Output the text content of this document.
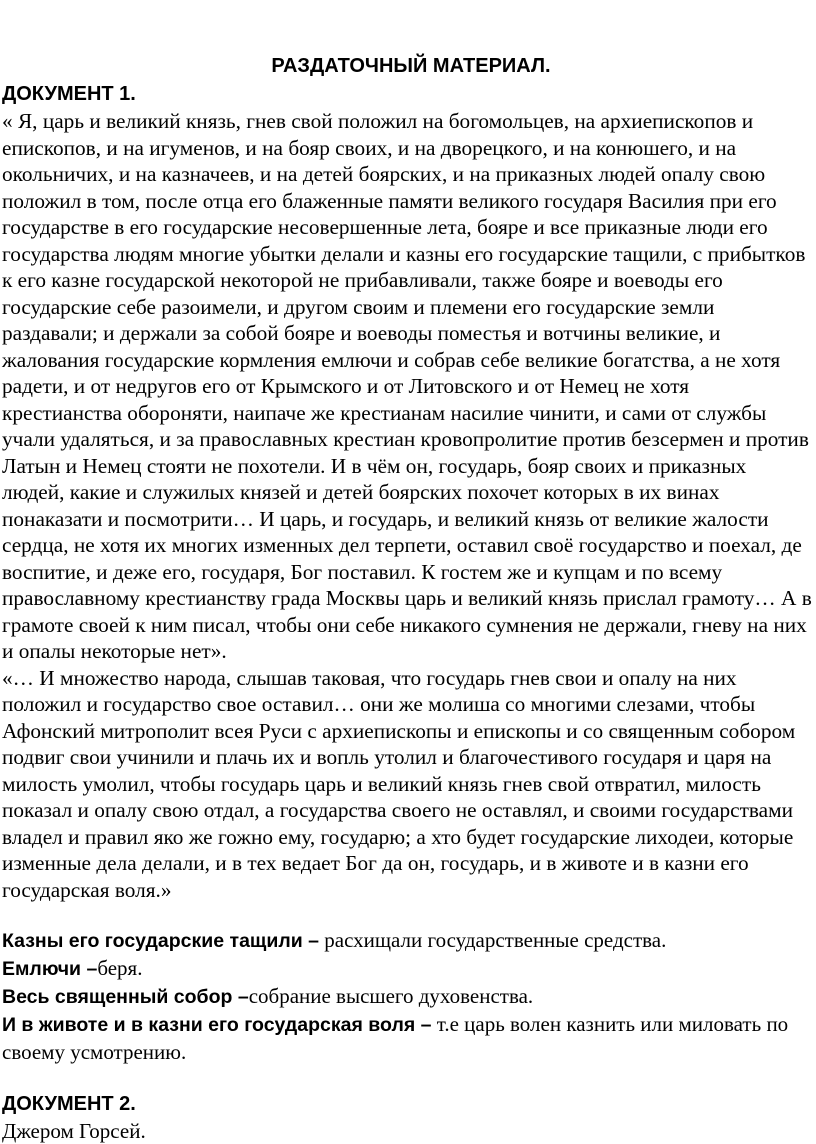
РАЗДАТОЧНЫЙ МАТЕРИАЛ.

ДОКУМЕНТ 1.

« Я, царь и великий князь, гнев свой положил на богомольцев, на архиепископов и епископов, и на игуменов, и на бояр своих, и на дворецкого, и на конюшего, и на окольничих, и на казначеев, и на детей боярских, и на приказных людей опалу свою положил в том, после отца его блаженные памяти великого государя Василия при его государстве в его государские несовершенные лета, бояре и все приказные люди его государства людям многие убытки делали и казны его государские тащили, с прибытков к его казне государской некоторой не прибавливали, также бояре и воеводы его государские себе разоимели, и другом своим и племени его государские земли раздавали; и держали за собой бояре и воеводы поместья и вотчины великие, и жалования государские кормления емлючи и собрав себе великие богатства, а не хотя радети, и от недругов его от Крымского и от Литовского и от Немец не хотя крестианства обороняти, наипаче же крестианам насилие чинити, и сами от службы учали удаляться, и за православных крестиан кровопролитие против безсермен и против Латын и Немец стояти не похотели. И в чём он, государь, бояр своих и приказных людей, какие и служилых князей и детей боярских похочет которых в их винах понаказати и посмотрити… И царь, и государь, и великий князь от великие жалости сердца, не хотя их многих изменных дел терпети, оставил своё государство и поехал, де воспитие, и деже его, государя, Бог поставил. К гостем же и купцам и по всему православному крестианству града Москвы царь и великий князь прислал грамоту… А в грамоте своей к ним писал, чтобы они себе никакого сумнения не держали, гневу на них и опалы некоторые нет».

«… И множество народа, слышав таковая, что государь гнев свои и опалу на них положил и государство свое оставил… они же молиша со многими слезами, чтобы Афонский митрополит всея Руси с архиепископы и епископы и со священным собором подвиг свои учинили и плачь их и вопль утолил и благочестивого государя и царя на милость умолил, чтобы государь царь и великий князь гнев свой отвратил, милость показал и опалу свою отдал, а государства своего не оставлял, и своими государствами владел и правил яко же гожно ему, государю; а хто будет государские лиходеи, которые изменные дела делали, и в тех ведает Бог да он, государь, и в животе и в казни его государская воля.»

Казны его государские тащили – расхищали государственные средства.

Емлючи –беря.

Весь священный собор –собрание высшего духовенства.

И в животе и в казни его государская воля – т.е царь волен казнить или миловать по своему усмотрению.

ДОКУМЕНТ 2.

Джером Горсей.
